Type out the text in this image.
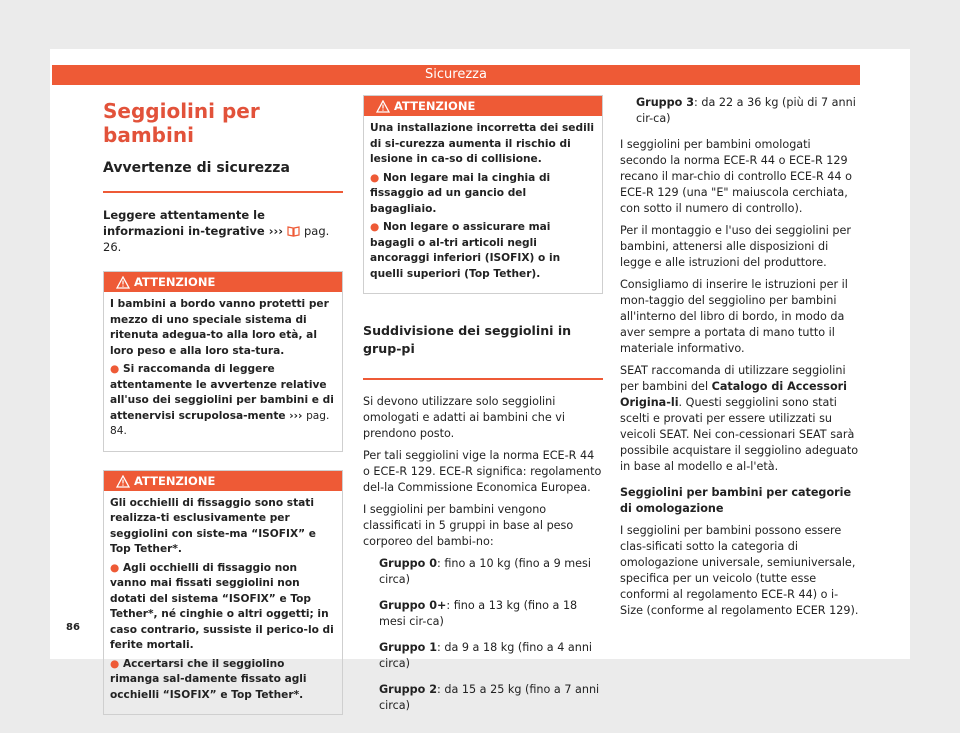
Sicurezza
Seggiolini per bambini
Avvertenze di sicurezza

Leggere attentamente le informazioni in-tegrative ››› pag. 26.

ATTENZIONE

I bambini a bordo vanno protetti per mezzo di uno speciale sistema di ritenuta adegua-to alla loro età, al loro peso e alla loro sta-tura.

● Si raccomanda di leggere attentamente le avvertenze relative all'uso dei seggiolini per bambini e di attenervisi scrupolosa-mente ››› pag. 84.

ATTENZIONE

Gli occhielli di fissaggio sono stati realizza-ti esclusivamente per seggiolini con siste-ma “ISOFIX” e Top Tether*.

● Agli occhielli di fissaggio non vanno mai fissati seggiolini non dotati del sistema “ISOFIX” e Top Tether*, né cinghie o altri oggetti; in caso contrario, sussiste il perico-lo di ferite mortali.

● Accertarsi che il seggiolino rimanga sal-damente fissato agli occhielli “ISOFIX” e Top Tether*.

ATTENZIONE

Una installazione incorretta dei sedili di si-curezza aumenta il rischio di lesione in ca-so di collisione.

● Non legare mai la cinghia di fissaggio ad un gancio del bagagliaio.

● Non legare o assicurare mai bagagli o al-tri articoli negli ancoraggi inferiori (ISOFIX) o in quelli superiori (Top Tether).

Suddivisione dei seggiolini in grup-pi

Si devono utilizzare solo seggiolini omologati e adatti ai bambini che vi prendono posto.

Per tali seggiolini vige la norma ECE-R 44 o ECE-R 129. ECE-R significa: regolamento del-la Commissione Economica Europea.

I seggiolini per bambini vengono classificati in 5 gruppi in base al peso corporeo del bambi-no:

Gruppo 0: fino a 10 kg (fino a 9 mesi circa)

Gruppo 0+: fino a 13 kg (fino a 18 mesi cir-ca)

Gruppo 1: da 9 a 18 kg (fino a 4 anni circa)

Gruppo 2: da 15 a 25 kg (fino a 7 anni circa)

Gruppo 3: da 22 a 36 kg (più di 7 anni cir-ca)

I seggiolini per bambini omologati secondo la norma ECE-R 44 o ECE-R 129 recano il mar-chio di controllo ECE-R 44 o ECE-R 129 (una "E" maiuscola cerchiata, con sotto il numero di controllo).

Per il montaggio e l'uso dei seggiolini per bambini, attenersi alle disposizioni di legge e alle istruzioni del produttore.

Consigliamo di inserire le istruzioni per il mon-taggio del seggiolino per bambini all'interno del libro di bordo, in modo da aver sempre a portata di mano tutto il materiale informativo.

SEAT raccomanda di utilizzare seggiolini per bambini del Catalogo di Accessori Origina-li. Questi seggiolini sono stati scelti e provati per essere utilizzati su veicoli SEAT. Nei con-cessionari SEAT sarà possibile acquistare il seggiolino adeguato in base al modello e al-l'età.

Seggiolini per bambini per categorie di omologazione

I seggiolini per bambini possono essere clas-sificati sotto la categoria di omologazione universale, semiuniversale, specifica per un veicolo (tutte esse conformi al regolamento ECE-R 44) o i-Size (conforme al regolamento ECER 129).

86
